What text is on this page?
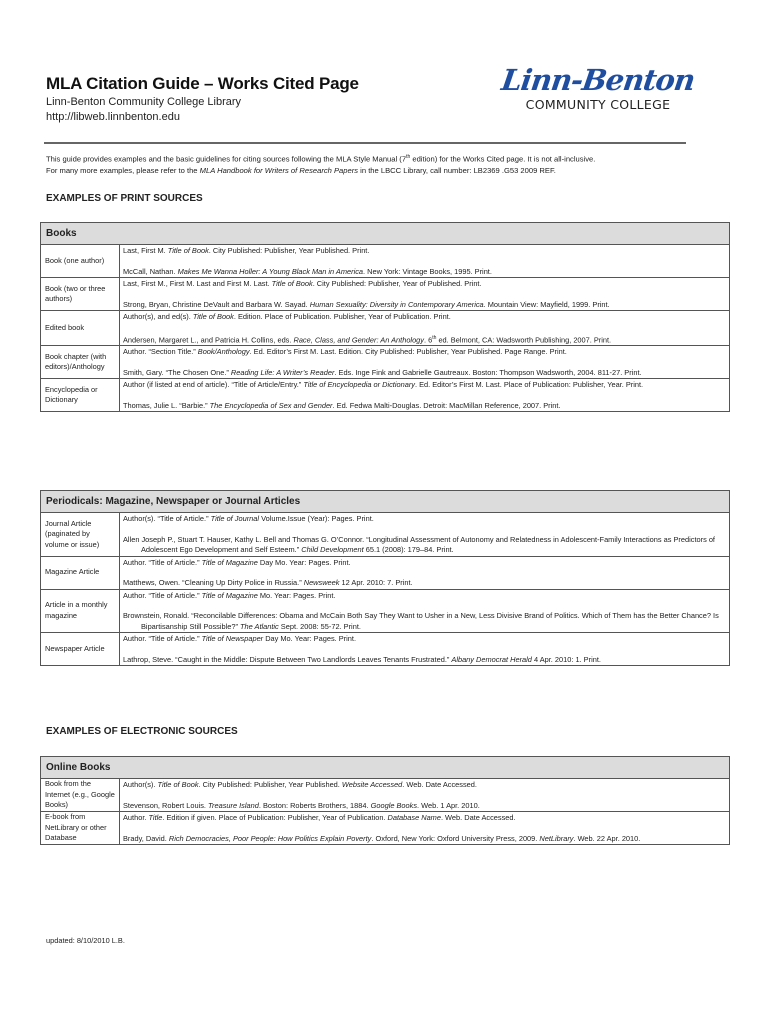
MLA Citation Guide – Works Cited Page
Linn-Benton Community College Library
http://libweb.linnbenton.edu
Linn-Benton
COMMUNITY COLLEGE
This guide provides examples and the basic guidelines for citing sources following the MLA Style Manual (7th edition) for the Works Cited page. It is not all-inclusive.
For many more examples, please refer to the MLA Handbook for Writers of Research Papers in the LBCC Library, call number: LB2369 .G53 2009 REF.
EXAMPLES OF PRINT SOURCES
Books	
Book (one author)	Last, First M. Title of Book. City Published: Publisher, Year Published. Print.
McCall, Nathan. Makes Me Wanna Holler: A Young Black Man in America. New York: Vintage Books, 1995. Print.

Book (two or three authors)	Last, First M., First M. Last and First M. Last. Title of Book. City Published: Publisher, Year of Published. Print.
Strong, Bryan, Christine DeVault and Barbara W. Sayad. Human Sexuality: Diversity in Contemporary America. Mountain View: Mayfield, 1999. Print.

Edited book	Author(s), and ed(s). Title of Book. Edition. Place of Publication. Publisher, Year of Publication. Print.
Andersen, Margaret L., and Patricia H. Collins, eds. Race, Class, and Gender: An Anthology. 6th ed. Belmont, CA: Wadsworth Publishing, 2007. Print.

Book chapter (with editors)/Anthology	Author. “Section Title.” Book/Anthology. Ed. Editor’s First M. Last. Edition. City Published: Publisher, Year Published. Page Range. Print.
Smith, Gary. “The Chosen One.” Reading Life: A Writer’s Reader. Eds. Inge Fink and Gabrielle Gautreaux. Boston: Thompson Wadsworth, 2004. 811-27. Print.

Encyclopedia or Dictionary	Author (if listed at end of article). “Title of Article/Entry.” Title of Encyclopedia or Dictionary. Ed. Editor’s First M. Last. Place of Publication: Publisher, Year. Print.
Thomas, Julie L. “Barbie.” The Encyclopedia of Sex and Gender. Ed. Fedwa Malti-Douglas. Detroit: MacMillan Reference, 2007. Print.
Periodicals: Magazine, Newspaper or Journal Articles	
Journal Article (paginated by volume or issue)	Author(s). “Title of Article.” Title of Journal Volume.Issue (Year): Pages. Print.
Allen Joseph P., Stuart T. Hauser, Kathy L. Bell and Thomas G. O’Connor. “Longitudinal Assessment of Autonomy and Relatedness in Adolescent-Family Interactions as Predictors of Adolescent Ego Development and Self Esteem.” Child Development 65.1 (2008): 179–84. Print.

Magazine Article	Author. “Title of Article.” Title of Magazine Day Mo. Year: Pages. Print.
Matthews, Owen. “Cleaning Up Dirty Police in Russia.” Newsweek 12 Apr. 2010: 7. Print.

Article in a monthly magazine	Author. “Title of Article.” Title of Magazine Mo. Year: Pages. Print.
Brownstein, Ronald. “Reconcilable Differences: Obama and McCain Both Say They Want to Usher in a New, Less Divisive Brand of Politics. Which of Them has the Better Chance? Is Bipartisanship Still Possible?” The Atlantic Sept. 2008: 55-72. Print.

Newspaper Article	Author. “Title of Article.” Title of Newspaper Day Mo. Year: Pages. Print.
Lathrop, Steve. “Caught in the Middle: Dispute Between Two Landlords Leaves Tenants Frustrated.” Albany Democrat Herald 4 Apr. 2010: 1. Print.
EXAMPLES OF ELECTRONIC SOURCES
Online Books	
Book from the Internet (e.g., Google Books)	Author(s). Title of Book. City Published: Publisher, Year Published. Website Accessed. Web. Date Accessed.
Stevenson, Robert Louis. Treasure Island. Boston: Roberts Brothers, 1884. Google Books. Web. 1 Apr. 2010.

E-book from NetLibrary or other Database	Author. Title. Edition if given. Place of Publication: Publisher, Year of Publication. Database Name. Web. Date Accessed.
Brady, David. Rich Democracies, Poor People: How Politics Explain Poverty. Oxford, New York: Oxford University Press, 2009. NetLibrary. Web. 22 Apr. 2010.
updated: 8/10/2010 L.B.
